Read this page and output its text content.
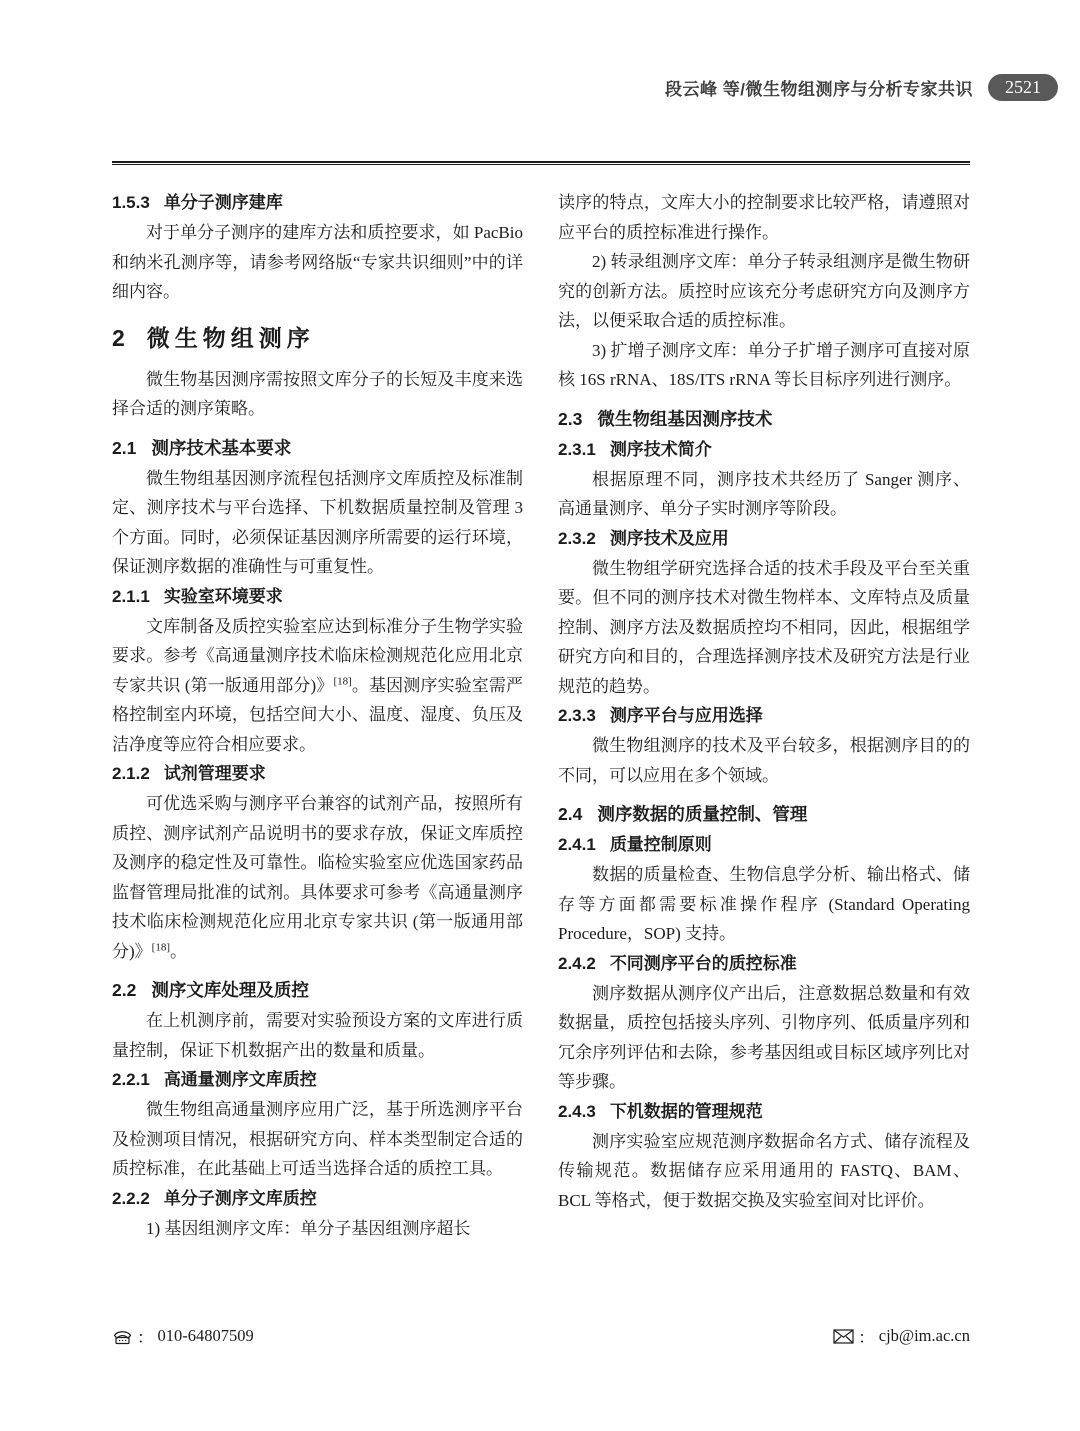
段云峰 等/微生物组测序与分析专家共识	2521
1.5.3 单分子测序建库

对于单分子测序的建库方法和质控要求，如 PacBio 和纳米孔测序等，请参考网络版“专家共识细则”中的详细内容。

2 微生物组测序

微生物基因测序需按照文库分子的长短及丰度来选择合适的测序策略。

2.1 测序技术基本要求

微生物组基因测序流程包括测序文库质控及标准制定、测序技术与平台选择、下机数据质量控制及管理 3 个方面。同时，必须保证基因测序所需要的运行环境，保证测序数据的准确性与可重复性。

2.1.1 实验室环境要求

文库制备及质控实验室应达到标准分子生物学实验要求。参考《高通量测序技术临床检测规范化应用北京专家共识 (第一版通用部分)》[18]。基因测序实验室需严格控制室内环境，包括空间大小、温度、湿度、负压及洁净度等应符合相应要求。

2.1.2 试剂管理要求

可优选采购与测序平台兼容的试剂产品，按照所有质控、测序试剂产品说明书的要求存放，保证文库质控及测序的稳定性及可靠性。临检实验室应优选国家药品监督管理局批准的试剂。具体要求可参考《高通量测序技术临床检测规范化应用北京专家共识 (第一版通用部分)》[18]。

2.2 测序文库处理及质控

在上机测序前，需要对实验预设方案的文库进行质量控制，保证下机数据产出的数量和质量。

2.2.1 高通量测序文库质控

微生物组高通量测序应用广泛，基于所选测序平台及检测项目情况，根据研究方向、样本类型制定合适的质控标准，在此基础上可适当选择合适的质控工具。

2.2.2 单分子测序文库质控

1) 基因组测序文库：单分子基因组测序超长

读序的特点，文库大小的控制要求比较严格，请遵照对应平台的质控标准进行操作。

2) 转录组测序文库：单分子转录组测序是微生物研究的创新方法。质控时应该充分考虑研究方向及测序方法，以便采取合适的质控标准。

3) 扩增子测序文库：单分子扩增子测序可直接对原核 16S rRNA、18S/ITS rRNA 等长目标序列进行测序。

2.3 微生物组基因测序技术
2.3.1 测序技术简介

根据原理不同，测序技术共经历了 Sanger 测序、高通量测序、单分子实时测序等阶段。

2.3.2 测序技术及应用

微生物组学研究选择合适的技术手段及平台至关重要。但不同的测序技术对微生物样本、文库特点及质量控制、测序方法及数据质控均不相同，因此，根据组学研究方向和目的，合理选择测序技术及研究方法是行业规范的趋势。

2.3.3 测序平台与应用选择

微生物组测序的技术及平台较多，根据测序目的的不同，可以应用在多个领域。

2.4 测序数据的质量控制、管理
2.4.1 质量控制原则

数据的质量检查、生物信息学分析、输出格式、储存等方面都需要标准操作程序 (Standard Operating Procedure，SOP) 支持。

2.4.2 不同测序平台的质控标准

测序数据从测序仪产出后，注意数据总数量和有效数据量，质控包括接头序列、引物序列、低质量序列和冗余序列评估和去除，参考基因组或目标区域序列比对等步骤。

2.4.3 下机数据的管理规范

测序实验室应规范测序数据命名方式、储存流程及传输规范。数据储存应采用通用的 FASTQ、BAM、BCL 等格式，便于数据交换及实验室间对比评价。

： 010-64807509	： cjb@im.ac.cn
